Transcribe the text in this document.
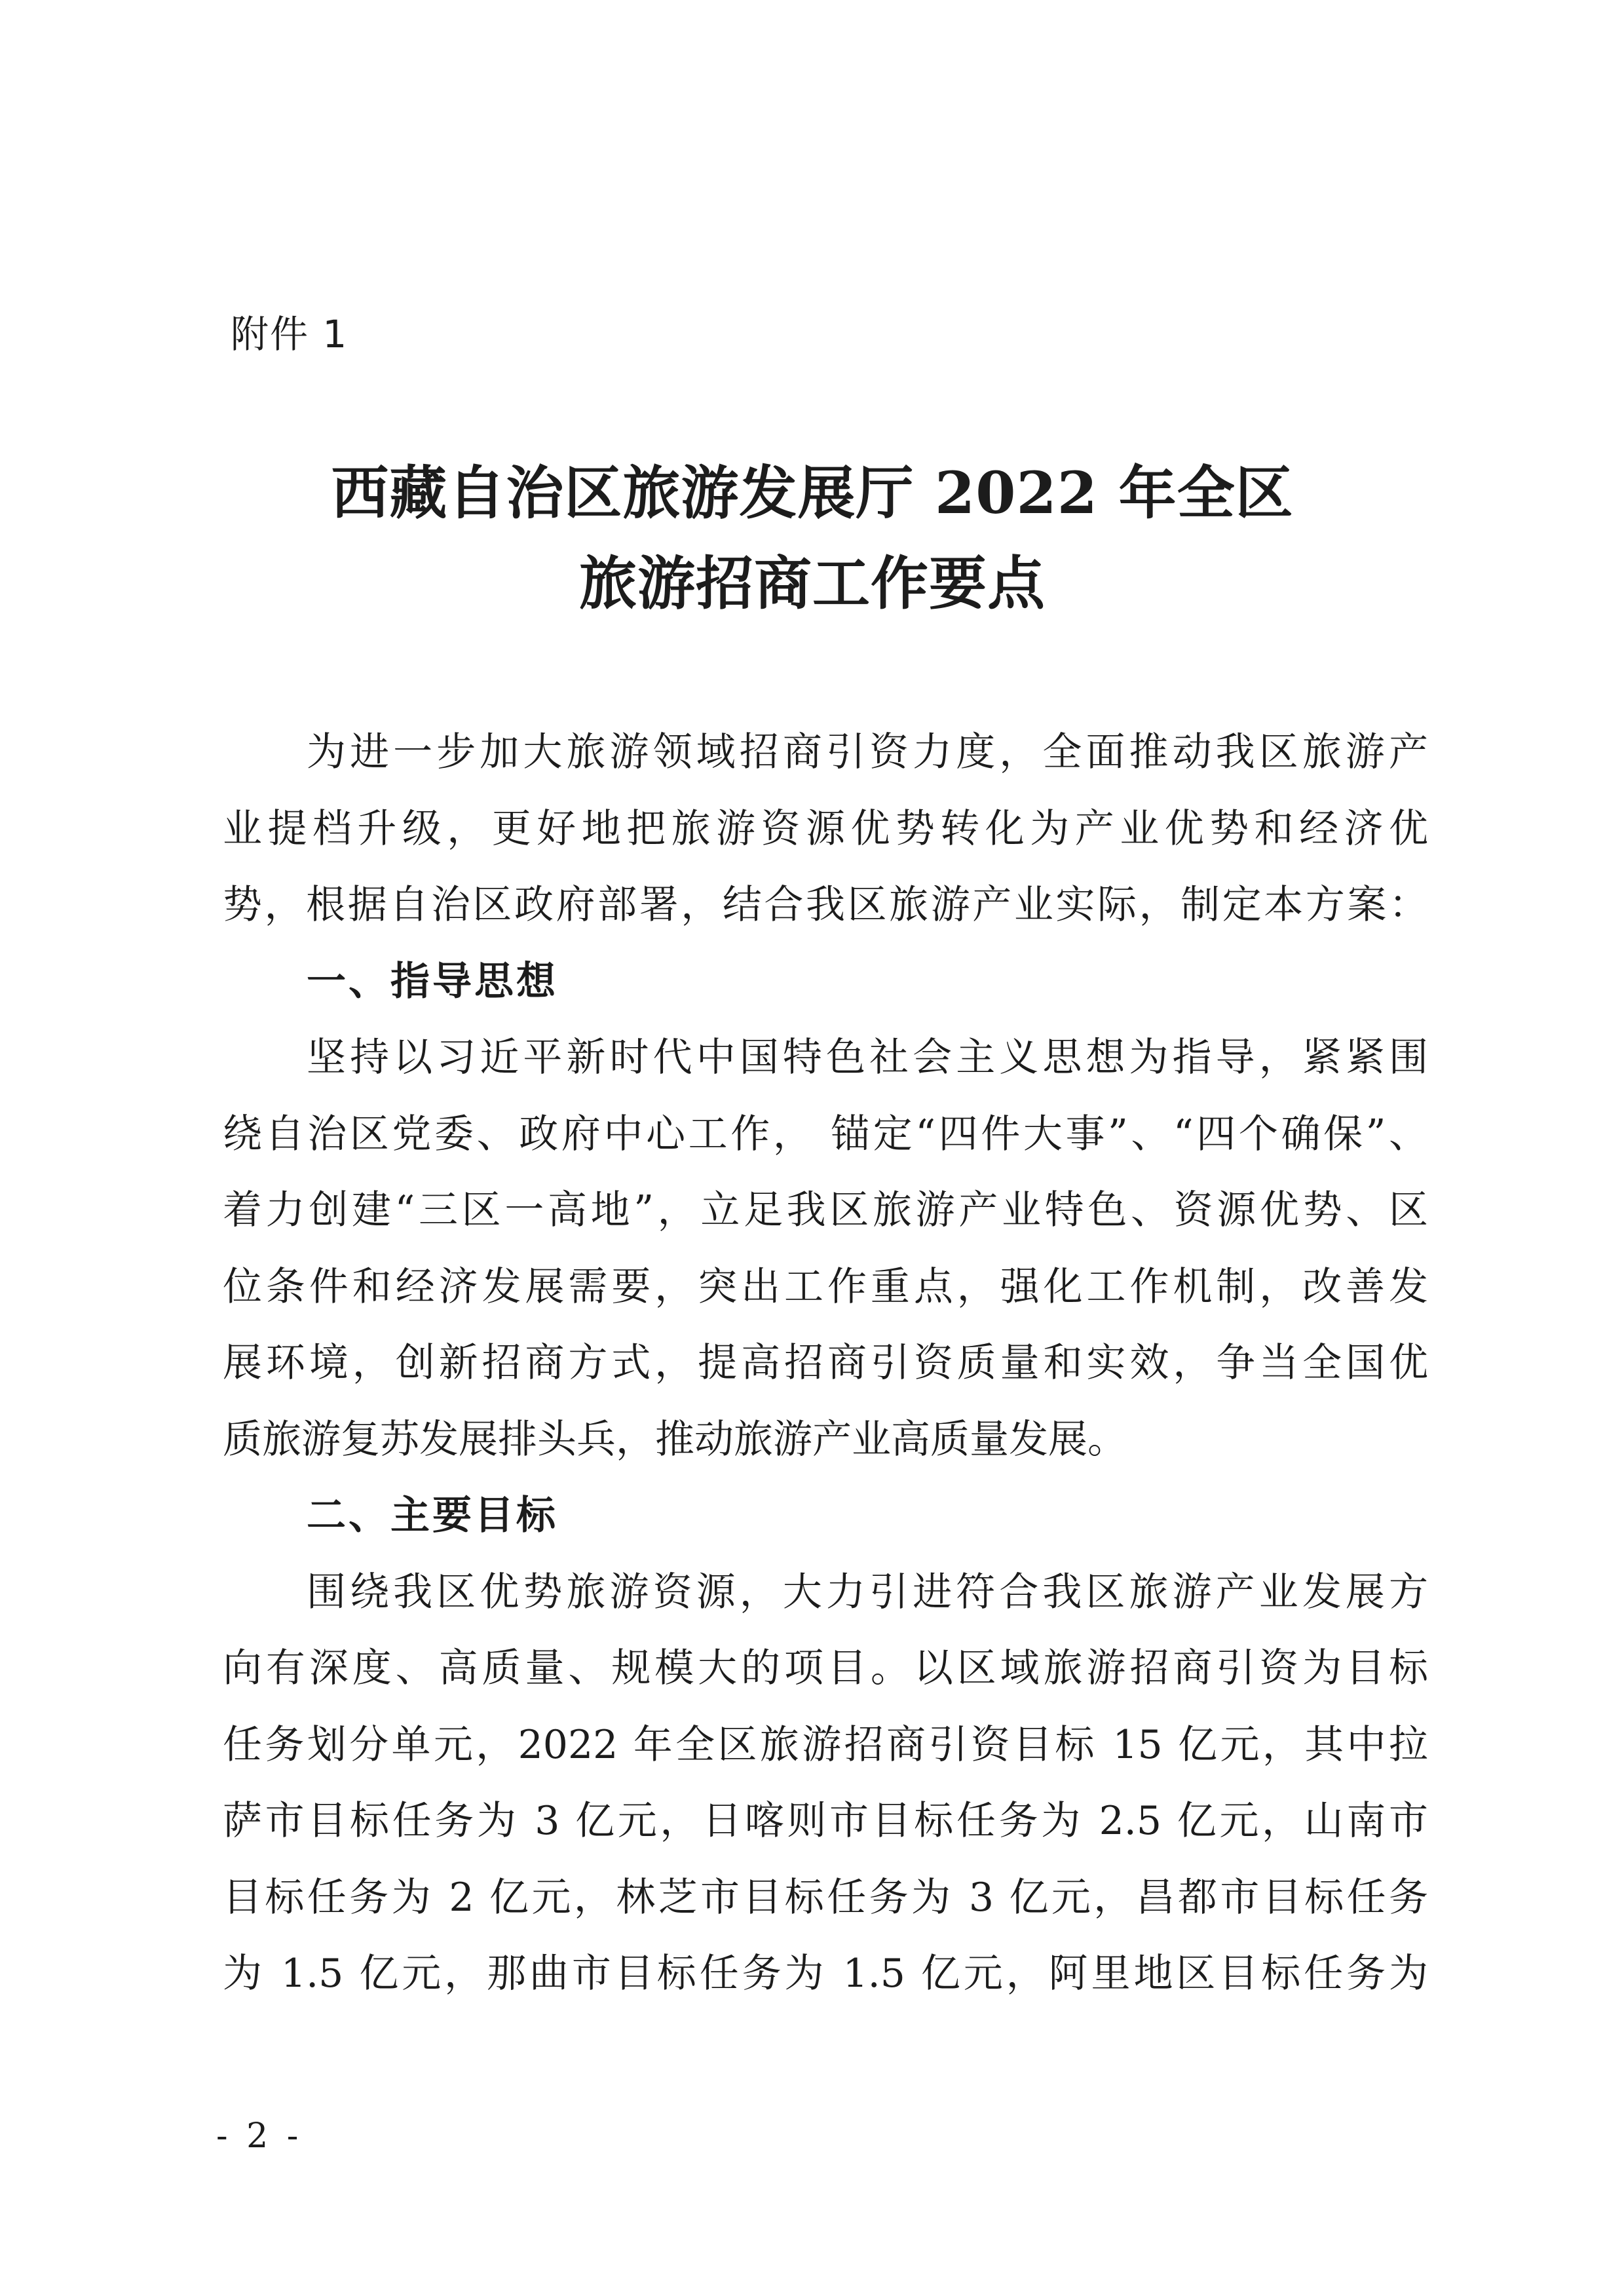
附件 1

西藏自治区旅游发展厅 2022 年全区
旅游招商工作要点
为进一步加大旅游领域招商引资力度，全面推动我区旅游产
业提档升级，更好地把旅游资源优势转化为产业优势和经济优
势，根据自治区政府部署，结合我区旅游产业实际，制定本方案：
一、指导思想
坚持以习近平新时代中国特色社会主义思想为指导，紧紧围
绕自治区党委、政府中心工作， 锚定“四件大事”、“四个确保”、
着力创建“三区一高地”，立足我区旅游产业特色、资源优势、区
位条件和经济发展需要，突出工作重点，强化工作机制，改善发
展环境，创新招商方式，提高招商引资质量和实效，争当全国优
质旅游复苏发展排头兵，推动旅游产业高质量发展。
二、主要目标
围绕我区优势旅游资源，大力引进符合我区旅游产业发展方
向有深度、高质量、规模大的项目。以区域旅游招商引资为目标
任务划分单元，2022 年全区旅游招商引资目标 15 亿元，其中拉
萨市目标任务为 3 亿元，日喀则市目标任务为 2.5 亿元，山南市
目标任务为 2 亿元，林芝市目标任务为 3 亿元，昌都市目标任务
为 1.5 亿元，那曲市目标任务为 1.5 亿元，阿里地区目标任务为

- 2 -
